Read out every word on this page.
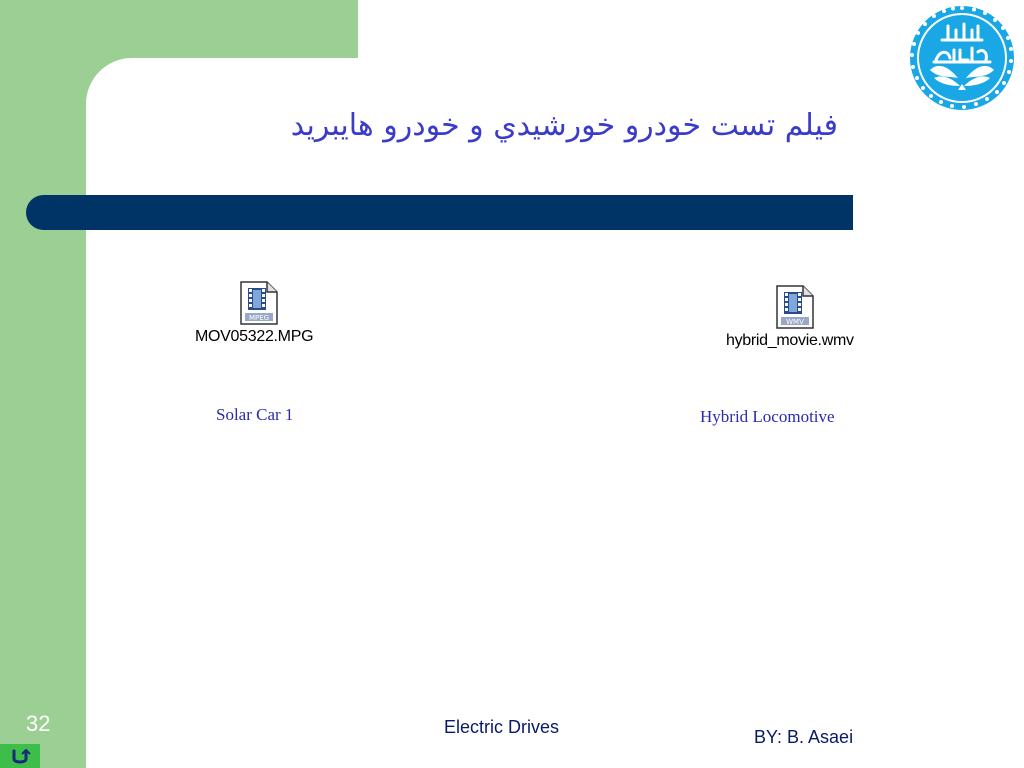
فيلم تست خودرو خورشيدي و خودرو هايبريد
MPEG
MOV05322.MPG
Solar Car 1
WMV
hybrid_movie.wmv
Hybrid Locomotive
32	Electric Drives	BY: B. Asaei
